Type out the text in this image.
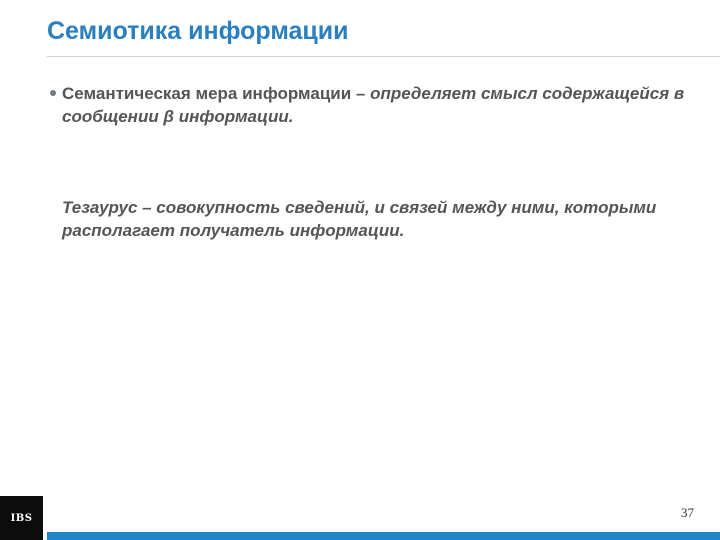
Семиотика информации
Семантическая мера информации – определяет смысл содержащейся в сообщении β информации.
Тезаурус – совокупность сведений, и связей между ними, которыми располагает получатель информации.
IBS	37
